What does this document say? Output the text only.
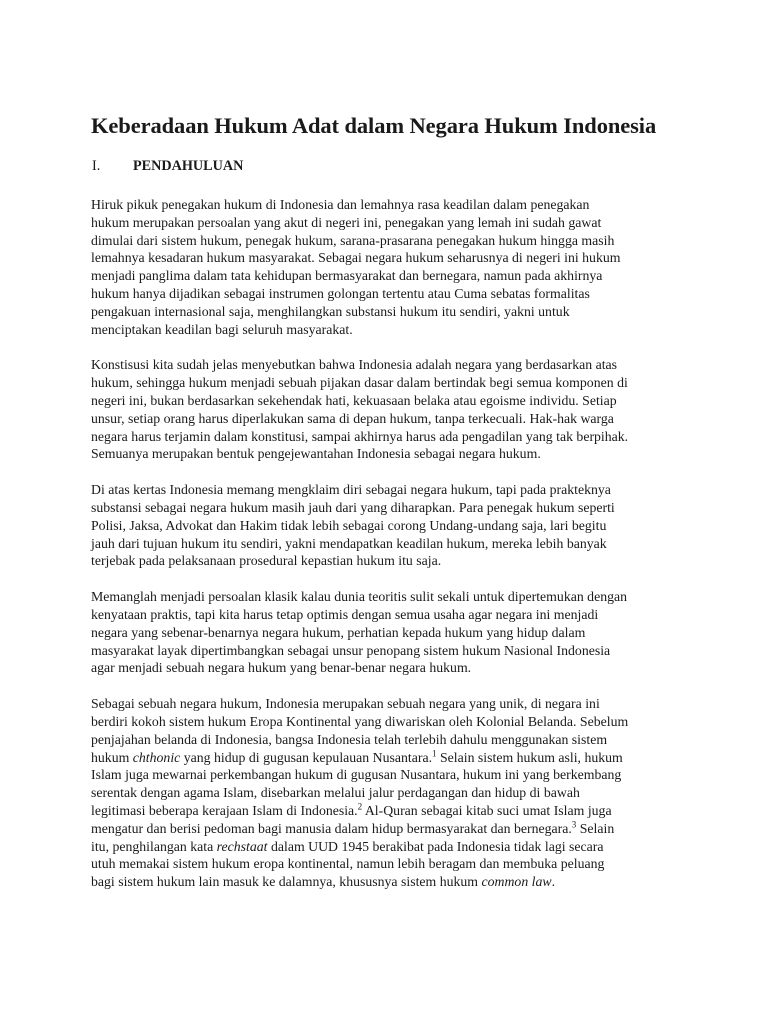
Keberadaan Hukum Adat dalam Negara Hukum Indonesia
I.	PENDAHULUAN

Hiruk pikuk penegakan hukum di Indonesia dan lemahnya rasa keadilan dalam penegakan
hukum merupakan persoalan yang akut di negeri ini, penegakan yang lemah ini sudah gawat
dimulai dari sistem hukum, penegak hukum, sarana-prasarana penegakan hukum hingga masih
lemahnya kesadaran hukum masyarakat. Sebagai negara hukum seharusnya di negeri ini hukum
menjadi panglima dalam tata kehidupan bermasyarakat dan bernegara, namun pada akhirnya
hukum hanya dijadikan sebagai instrumen golongan tertentu atau Cuma sebatas formalitas
pengakuan internasional saja, menghilangkan substansi hukum itu sendiri, yakni untuk
menciptakan keadilan bagi seluruh masyarakat.

Konstisusi kita sudah jelas menyebutkan bahwa Indonesia adalah negara yang berdasarkan atas
hukum, sehingga hukum menjadi sebuah pijakan dasar dalam bertindak begi semua komponen di
negeri ini, bukan berdasarkan sekehendak hati, kekuasaan belaka atau egoisme individu. Setiap
unsur, setiap orang harus diperlakukan sama di depan hukum, tanpa terkecuali. Hak-hak warga
negara harus terjamin dalam konstitusi, sampai akhirnya harus ada pengadilan yang tak berpihak.
Semuanya merupakan bentuk pengejewantahan Indonesia sebagai negara hukum.

Di atas kertas Indonesia memang mengklaim diri sebagai negara hukum, tapi pada prakteknya
substansi sebagai negara hukum masih jauh dari yang diharapkan. Para penegak hukum seperti
Polisi, Jaksa, Advokat dan Hakim tidak lebih sebagai corong Undang-undang saja, lari begitu
jauh dari tujuan hukum itu sendiri, yakni mendapatkan keadilan hukum, mereka lebih banyak
terjebak pada pelaksanaan prosedural kepastian hukum itu saja.

Memanglah menjadi persoalan klasik kalau dunia teoritis sulit sekali untuk dipertemukan dengan
kenyataan praktis, tapi kita harus tetap optimis dengan semua usaha agar negara ini menjadi
negara yang sebenar-benarnya negara hukum, perhatian kepada hukum yang hidup dalam
masyarakat layak dipertimbangkan sebagai unsur penopang sistem hukum Nasional Indonesia
agar menjadi sebuah negara hukum yang benar-benar negara hukum.

Sebagai sebuah negara hukum, Indonesia merupakan sebuah negara yang unik, di negara ini
berdiri kokoh sistem hukum Eropa Kontinental yang diwariskan oleh Kolonial Belanda. Sebelum
penjajahan belanda di Indonesia, bangsa Indonesia telah terlebih dahulu menggunakan sistem
hukum chthonic yang hidup di gugusan kepulauan Nusantara.$^1$ Selain sistem hukum asli, hukum
Islam juga mewarnai perkembangan hukum di gugusan Nusantara, hukum ini yang berkembang
serentak dengan agama Islam, disebarkan melalui jalur perdagangan dan hidup di bawah
legitimasi beberapa kerajaan Islam di Indonesia.$^2$ Al-Quran sebagai kitab suci umat Islam juga
mengatur dan berisi pedoman bagi manusia dalam hidup bermasyarakat dan bernegara.$^3$ Selain
itu, penghilangan kata rechstaat dalam UUD 1945 berakibat pada Indonesia tidak lagi secara
utuh memakai sistem hukum eropa kontinental, namun lebih beragam dan membuka peluang
bagi sistem hukum lain masuk ke dalamnya, khususnya sistem hukum common law.
